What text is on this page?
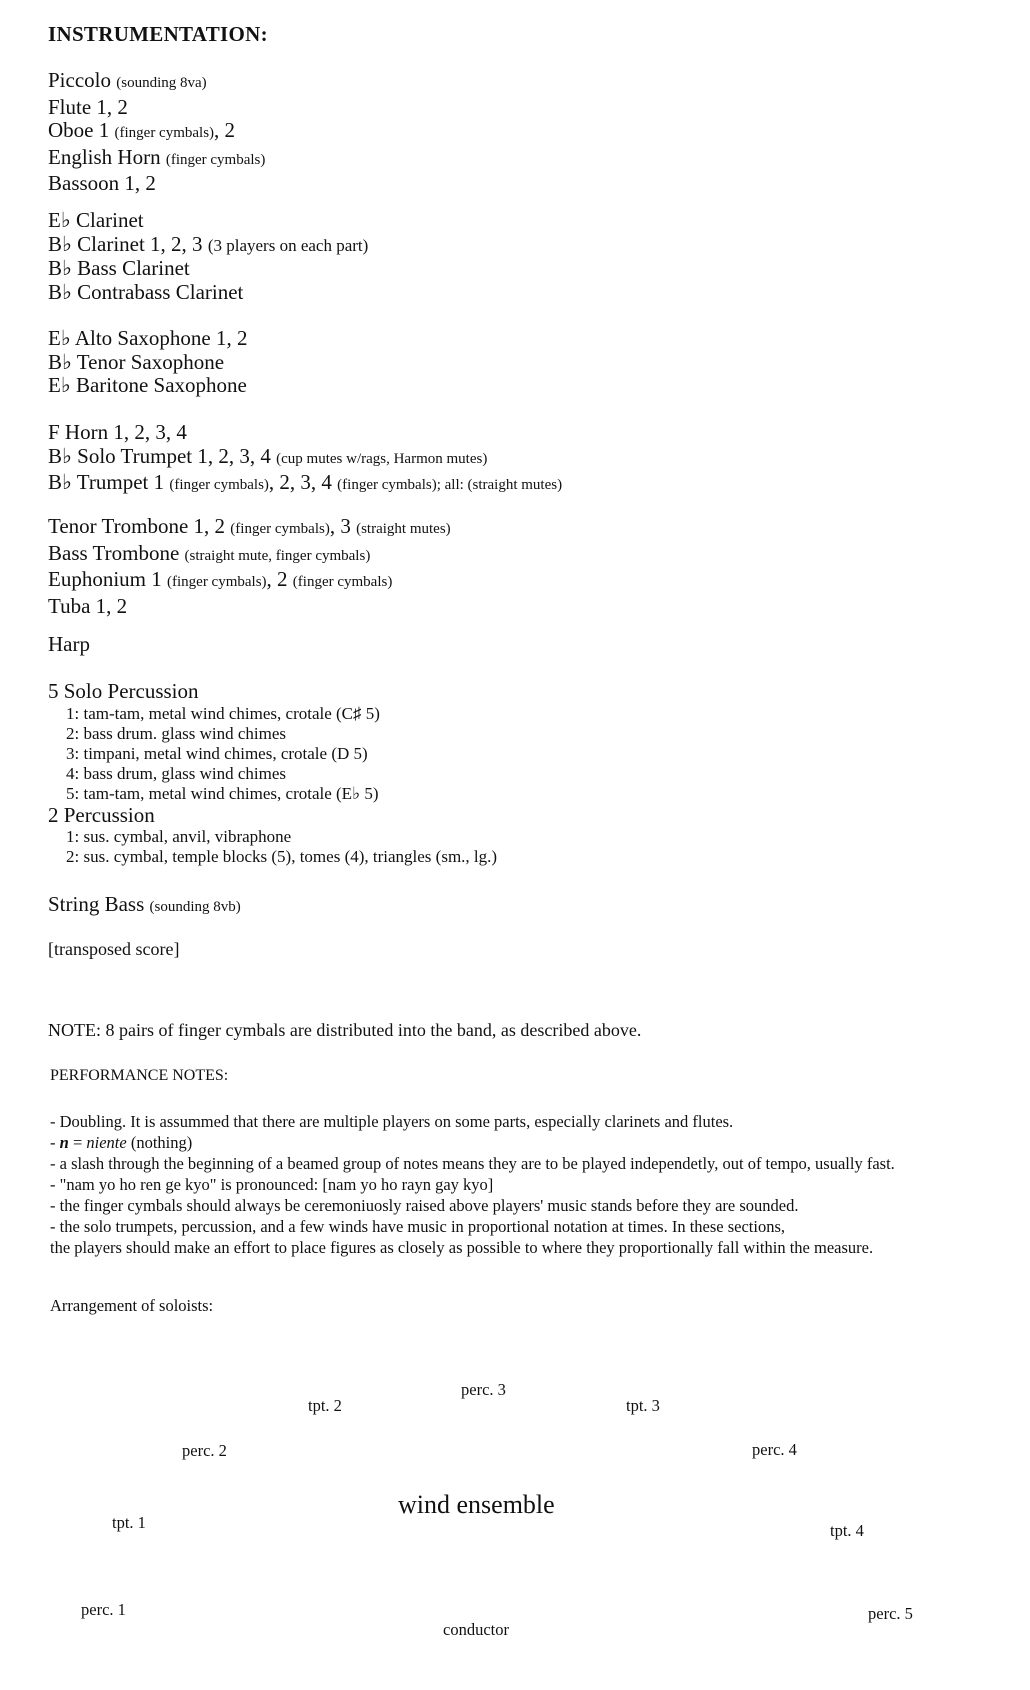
INSTRUMENTATION:
Piccolo (sounding 8va)
Flute 1, 2
Oboe 1 (finger cymbals), 2
English Horn (finger cymbals)
Bassoon 1, 2
E♭ Clarinet
B♭ Clarinet 1, 2, 3 (3 players on each part)
B♭ Bass Clarinet
B♭ Contrabass Clarinet
E♭ Alto Saxophone 1, 2
B♭ Tenor Saxophone
E♭ Baritone Saxophone
F Horn 1, 2, 3, 4
B♭ Solo Trumpet 1, 2, 3, 4 (cup mutes w/rags, Harmon mutes)
B♭ Trumpet 1 (finger cymbals), 2, 3, 4 (finger cymbals); all: (straight mutes)
Tenor Trombone 1, 2 (finger cymbals), 3 (straight mutes)
Bass Trombone (straight mute, finger cymbals)
Euphonium 1 (finger cymbals), 2 (finger cymbals)
Tuba 1, 2
Harp
5 Solo Percussion
1: tam-tam, metal wind chimes, crotale (C♯ 5)
2: bass drum. glass wind chimes
3: timpani, metal wind chimes, crotale (D 5)
4: bass drum, glass wind chimes
5: tam-tam, metal wind chimes, crotale (E♭ 5)
2 Percussion
1: sus. cymbal, anvil, vibraphone
2: sus. cymbal, temple blocks (5), tomes (4), triangles (sm., lg.)
String Bass (sounding 8vb)
[transposed score]
NOTE: 8 pairs of finger cymbals are distributed into the band, as described above.
PERFORMANCE NOTES:
- Doubling. It is assummed that there are multiple players on some parts, especially clarinets and flutes.
- n = niente (nothing)
- a slash through the beginning of a beamed group of notes means they are to be played independetly, out of tempo, usually fast.
- "nam yo ho ren ge kyo" is pronounced: [nam yo ho rayn gay kyo]
- the finger cymbals should always be ceremoniuosly raised above players' music stands before they are sounded.
- the solo trumpets, percussion, and a few winds have music in proportional notation at times. In these sections,
the players should make an effort to place figures as closely as possible to where they proportionally fall within the measure.
Arrangement of soloists:
perc. 3
tpt. 2	tpt. 3
perc. 2	perc. 4
wind ensemble
tpt. 1	tpt. 4
perc. 1	perc. 5
conductor
